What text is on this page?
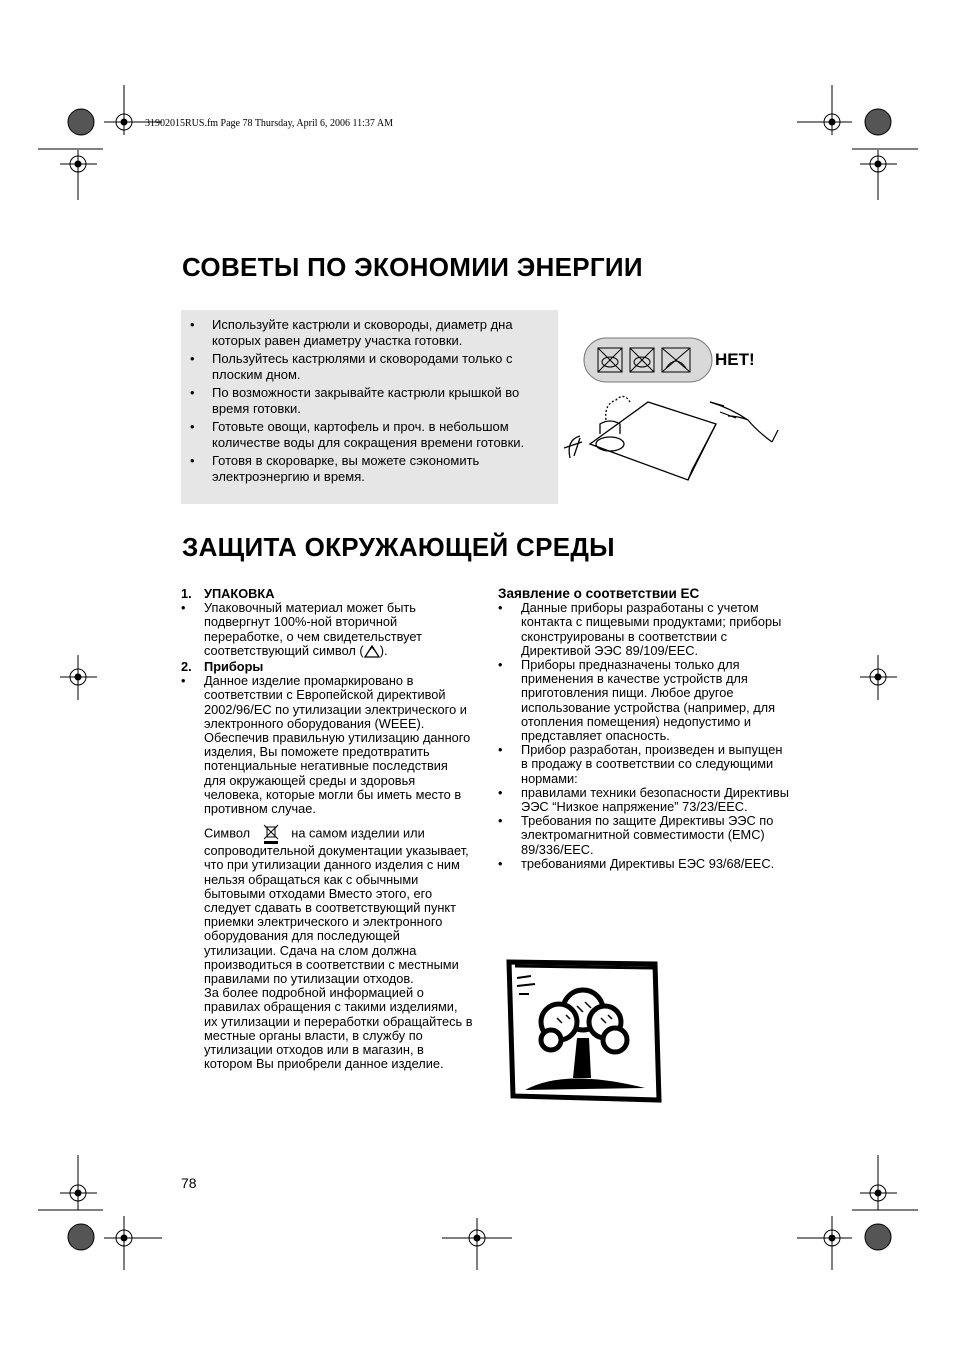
31902015RUS.fm Page 78 Thursday, April 6, 2006 11:37 AM
СОВЕТЫ ПО ЭКОНОМИИ ЭНЕРГИИ
• Используйте кастрюли и сковороды, диаметр дна которых равен диаметру участка готовки.
• Пользуйтесь кастрюлями и сковородами только с плоским дном.
• По возможности закрывайте кастрюли крышкой во время готовки.
• Готовьте овощи, картофель и проч. в небольшом количестве воды для сокращения времени готовки.
• Готовя в скороварке, вы можете сэкономить электроэнергию и время.
НЕТ!
ЗАЩИТА ОКРУЖАЮЩЕЙ СРЕДЫ
1. УПАКОВКА
• Упаковочный материал может быть подвергнут 100%-ной вторичной переработке, о чем свидетельствует соответствующий символ ( ).
2. Приборы
• Данное изделие промаркировано в соответствии с Европейской директивой 2002/96/ЕС по утилизации электрического и электронного оборудования (WEEE). Обеспечив правильную утилизацию данного изделия, Вы поможете предотвратить потенциальные негативные последствия для окружающей среды и здоровья человека, которые могли бы иметь место в противном случае.
Символ	на самом изделии или сопроводительной документации указывает, что при утилизации данного изделия с ним нельзя обращаться как с обычными бытовыми отходами Вместо этого, его следует сдавать в соответствующий пункт приемки электрического и электронного оборудования для последующей утилизации. Сдача на слом должна производиться в соответствии с местными правилами по утилизации отходов.
За более подробной информацией о правилах обращения с такими изделиями, их утилизации и переработки обращайтесь в местные органы власти, в службу по утилизации отходов или в магазин, в котором Вы приобрели данное изделие.
Заявление о соответствии ЕС
• Данные приборы разработаны с учетом контакта с пищевыми продуктами; приборы сконструированы в соответствии с Директивой ЭЭС 89/109/EEC.
• Приборы предназначены только для применения в качестве устройств для приготовления пищи. Любое другое использование устройства (например, для отопления помещения) недопустимо и представляет опасность.
• Прибор разработан, произведен и выпущен в продажу в соответствии со следующими нормами:
• правилами техники безопасности Директивы ЭЭС “Низкое напряжение” 73/23/EEC.
• Требования по защите Директивы ЭЭС по электромагнитной совместимости (EMC) 89/336/EEC.
• требованиями Директивы ЕЭС 93/68/EEC.
78
